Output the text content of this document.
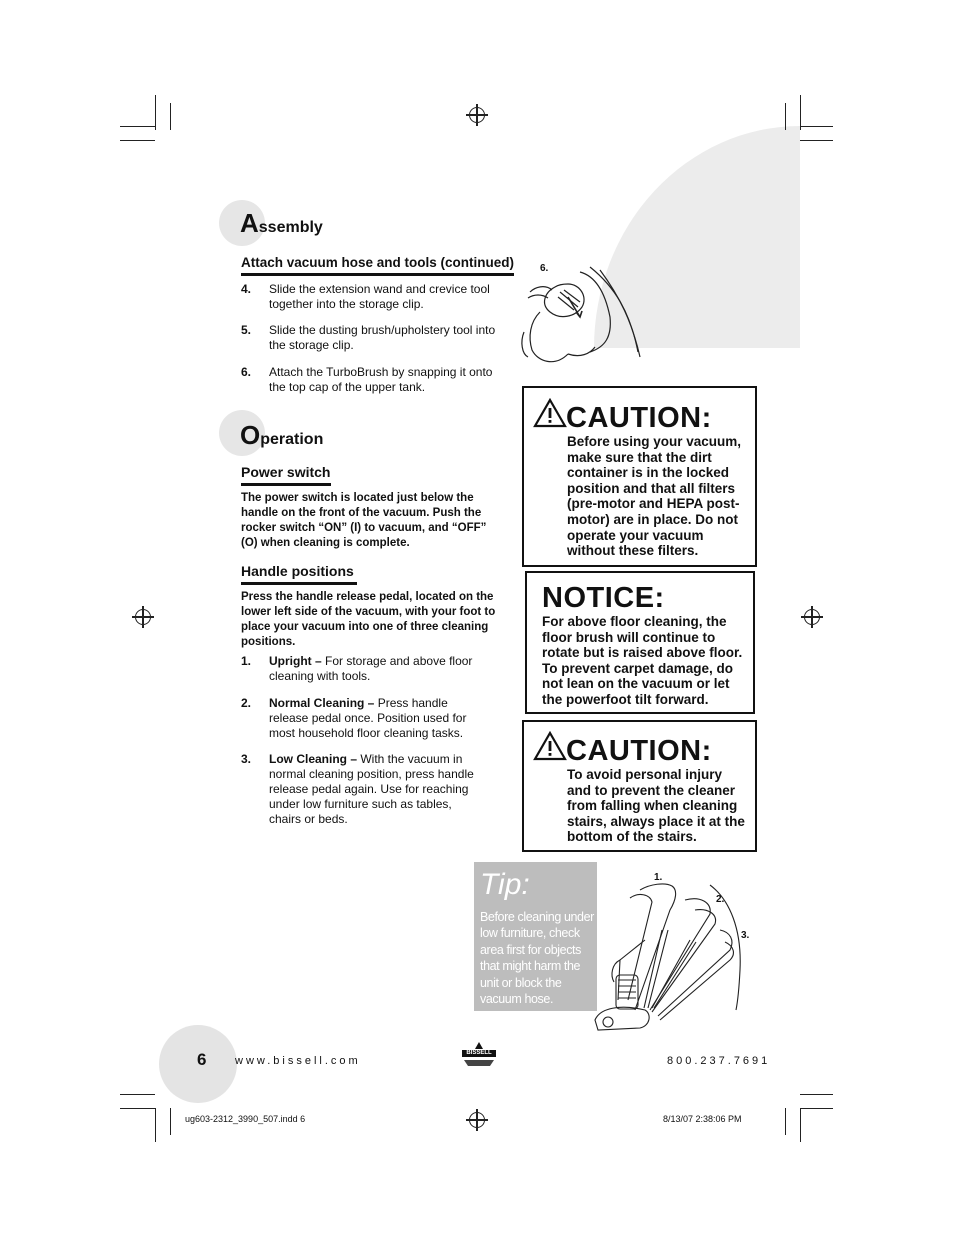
Assembly
Attach vacuum hose and tools (continued)
4. Slide the extension wand and crevice tool together into the storage clip.
5. Slide the dusting brush/upholstery tool into the storage clip.
6. Attach the TurboBrush by snapping it onto the top cap of the upper tank.
6.
Operation
Power switch
The power switch is located just below the handle on the front of the vacuum. Push the rocker switch “ON” (I) to vacuum, and “OFF” (O) when cleaning is complete.
Handle positions
Press the handle release pedal, located on the lower left side of the vacuum, with your foot to place your vacuum into one of three cleaning positions.
1. Upright – For storage and above floor cleaning with tools.
2. Normal Cleaning – Press handle release pedal once. Position used for most household floor cleaning tasks.
3. Low Cleaning – With the vacuum in normal cleaning position, press handle release pedal again. Use for reaching under low furniture such as tables, chairs or beds.
CAUTION:
Before using your vacuum, make sure that the dirt container is in the locked position and that all filters (pre-motor and HEPA post-motor) are in place. Do not operate your vacuum without these filters.
NOTICE:
For above floor cleaning, the floor brush will continue to rotate but is raised above floor. To prevent carpet damage, do not lean on the vacuum or let the powerfoot tilt forward.
CAUTION:
To avoid personal injury and to prevent the cleaner from falling when cleaning stairs, always place it at the bottom of the stairs.
Tip:
Before cleaning under low furniture, check area first for objects that might harm the unit or block the vacuum hose.
1.
2.
3.
6	www.bissell.com	800.237.7691
BISSELL
ug603-2312_3990_507.indd 6	8/13/07 2:38:06 PM
